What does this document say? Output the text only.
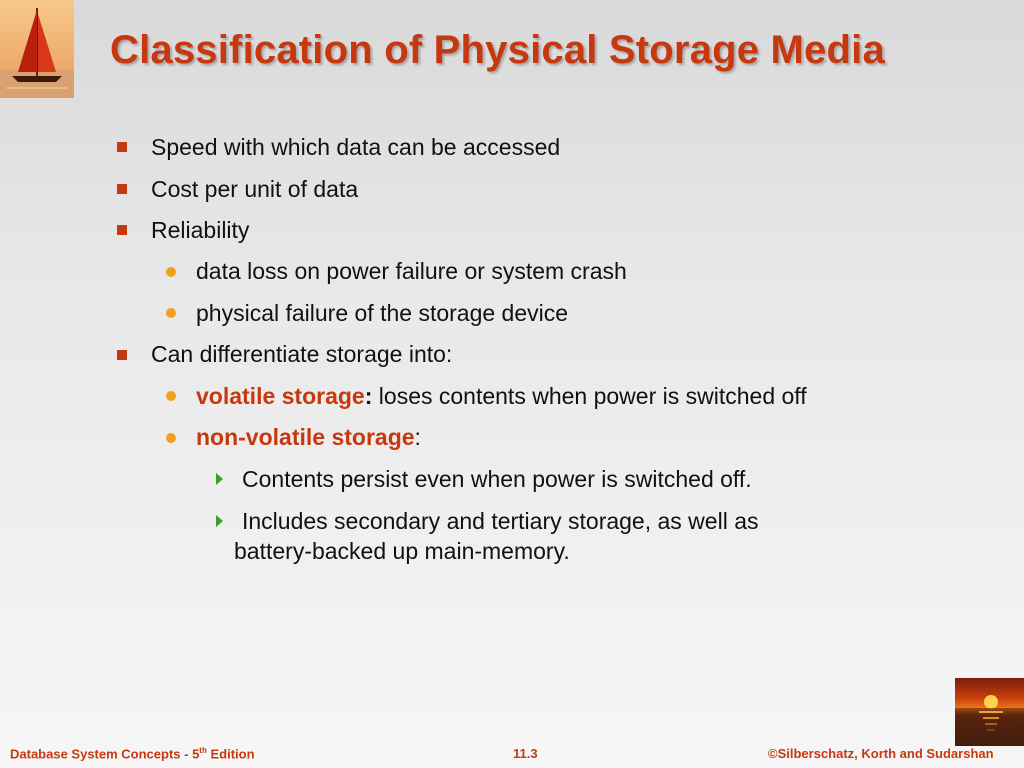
Classification of Physical Storage Media
Speed with which data can be accessed
Cost per unit of data
Reliability
data loss on power failure or system crash
physical failure of the storage device
Can differentiate storage into:
volatile storage: loses contents when power is switched off
non-volatile storage:
Contents persist even when power is switched off.
Includes secondary and tertiary storage, as well as
battery-backed up main-memory.
Database System Concepts - 5th Edition	11.3	©Silberschatz, Korth and Sudarshan
